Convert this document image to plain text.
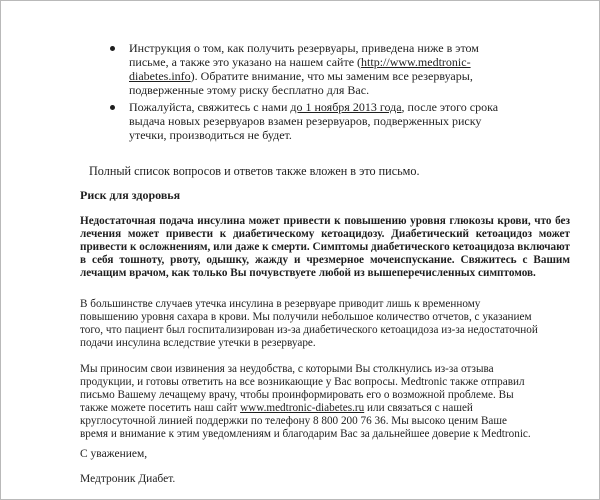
Инструкция о том, как получить резервуары, приведена ниже в этом письме, а также это указано на нашем сайте (http://www.medtronic-diabetes.info). Обратите внимание, что мы заменим все резервуары, подверженные этому риску бесплатно для Вас.
Пожалуйста, свяжитесь с нами до 1 ноября 2013 года, после этого срока выдача новых резервуаров взамен резервуаров, подверженных риску утечки, производиться не будет.

Полный список вопросов и ответов также вложен в это письмо.

Риск для здоровья

Недостаточная подача инсулина может привести к повышению уровня глюкозы крови, что без лечения может привести к диабетическому кетоацидозу. Диабетический кетоацидоз может привести к осложнениям, или даже к смерти. Симптомы диабетического кетоацидоза включают в себя тошноту, рвоту, одышку, жажду и чрезмерное мочеиспускание. Свяжитесь с Вашим лечащим врачом, как только Вы почувствуете любой из вышеперечисленных симптомов.

В большинстве случаев утечка инсулина в резервуаре приводит лишь к временному повышению уровня сахара в крови. Мы получили небольшое количество отчетов, с указанием того, что пациент был госпитализирован из-за диабетического кетоацидоза из-за недостаточной подачи инсулина вследствие утечки в резервуаре.

Мы приносим свои извинения за неудобства, с которыми Вы столкнулись из-за отзыва продукции, и готовы ответить на все возникающие у Вас вопросы. Medtronic также отправил письмо Вашему лечащему врачу, чтобы проинформировать его о возможной проблеме. Вы также можете посетить наш сайт www.medtronic-diabetes.ru или связаться с нашей круглосуточной линией поддержки по телефону 8 800 200 76 36. Мы высоко ценим Ваше время и внимание к этим уведомлениям и благодарим Вас за дальнейшее доверие к Medtronic.

С уважением,

Медтроник Диабет.
